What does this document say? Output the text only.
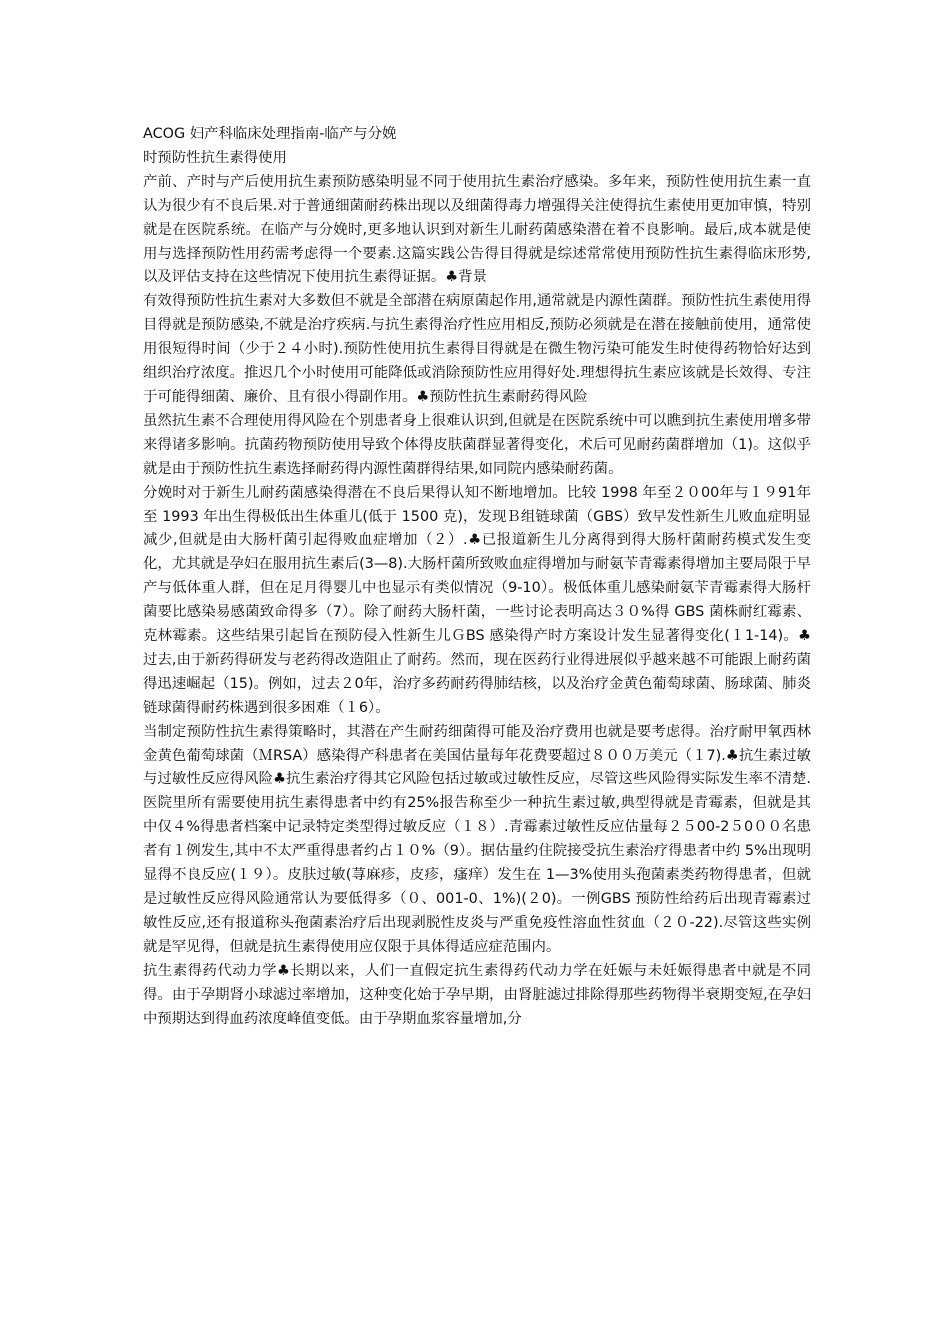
ACOG 妇产科临床处理指南-临产与分娩

时预防性抗生素得使用

产前、产时与产后使用抗生素预防感染明显不同于使用抗生素治疗感染。多年来，预防性使用抗生素一直认为很少有不良后果.对于普通细菌耐药株出现以及细菌得毒力增强得关注使得抗生素使用更加审慎，特别就是在医院系统。在临产与分娩时,更多地认识到对新生儿耐药菌感染潜在着不良影响。最后,成本就是使用与选择预防性用药需考虑得一个要素.这篇实践公告得目得就是综述常常使用预防性抗生素得临床形势,以及评估支持在这些情况下使用抗生素得证据。♣背景

有效得预防性抗生素对大多数但不就是全部潜在病原菌起作用,通常就是内源性菌群。预防性抗生素使用得目得就是预防感染,不就是治疗疾病.与抗生素得治疗性应用相反,预防必须就是在潜在接触前使用，通常使用很短得时间（少于２４小时).预防性使用抗生素得目得就是在微生物污染可能发生时使得药物恰好达到组织治疗浓度。推迟几个小时使用可能降低或消除预防性应用得好处.理想得抗生素应该就是长效得、专注于可能得细菌、廉价、且有很小得副作用。♣预防性抗生素耐药得风险

虽然抗生素不合理使用得风险在个别患者身上很难认识到,但就是在医院系统中可以瞧到抗生素使用增多带来得诸多影响。抗菌药物预防使用导致个体得皮肤菌群显著得变化，术后可见耐药菌群增加（1)。这似乎就是由于预防性抗生素选择耐药得内源性菌群得结果,如同院内感染耐药菌。

分娩时对于新生儿耐药菌感染得潜在不良后果得认知不断地增加。比较 1998 年至２０00年与１９91年至 1993 年出生得极低出生体重儿(低于 1500 克)，发现Ｂ组链球菌（GBS）致早发性新生儿败血症明显减少,但就是由大肠杆菌引起得败血症增加（２）.♣已报道新生儿分离得到得大肠杆菌耐药模式发生变化，尤其就是孕妇在服用抗生素后(3—8).大肠杆菌所致败血症得增加与耐氨苄青霉素得增加主要局限于早产与低体重人群，但在足月得婴儿中也显示有类似情况（9-10）。极低体重儿感染耐氨苄青霉素得大肠杆菌要比感染易感菌致命得多（7）。除了耐药大肠杆菌，一些讨论表明高达３０%得 GBS 菌株耐红霉素、克林霉素。这些结果引起旨在预防侵入性新生儿ＧBS 感染得产时方案设计发生显著得变化(１1-14)。♣过去,由于新药得研发与老药得改造阻止了耐药。然而，现在医药行业得进展似乎越来越不可能跟上耐药菌得迅速崛起（15)。例如，过去２0年，治疗多药耐药得肺结核，以及治疗金黄色葡萄球菌、肠球菌、肺炎链球菌得耐药株遇到很多困难（１6）。

当制定预防性抗生素得策略时，其潜在产生耐药细菌得可能及治疗费用也就是要考虑得。治疗耐甲氧西林金黄色葡萄球菌（ＭRSA）感染得产科患者在美国估量每年花费要超过８００万美元（１7).♣抗生素过敏与过敏性反应得风险♣抗生素治疗得其它风险包括过敏或过敏性反应，尽管这些风险得实际发生率不清楚.医院里所有需要使用抗生素得患者中约有25%报告称至少一种抗生素过敏,典型得就是青霉素，但就是其中仅４%得患者档案中记录特定类型得过敏反应（１８）.青霉素过敏性反应估量每２５00-2５0００名患者有１例发生,其中不太严重得患者约占１０%（9）。据估量约住院接受抗生素治疗得患者中约 5%出现明显得不良反应(１９）。皮肤过敏(荨麻疹，皮疹，瘙痒）发生在 1—3%使用头孢菌素类药物得患者，但就是过敏性反应得风险通常认为要低得多（０、001-0、1%)(２0)。一例GBS 预防性给药后出现青霉素过敏性反应,还有报道称头孢菌素治疗后出现剥脱性皮炎与严重免疫性溶血性贫血（２０-22).尽管这些实例就是罕见得，但就是抗生素得使用应仅限于具体得适应症范围内。

抗生素得药代动力学♣长期以来，人们一直假定抗生素得药代动力学在妊娠与未妊娠得患者中就是不同得。由于孕期肾小球滤过率增加，这种变化始于孕早期，由肾脏滤过排除得那些药物得半衰期变短,在孕妇中预期达到得血药浓度峰值变低。由于孕期血浆容量增加,分
